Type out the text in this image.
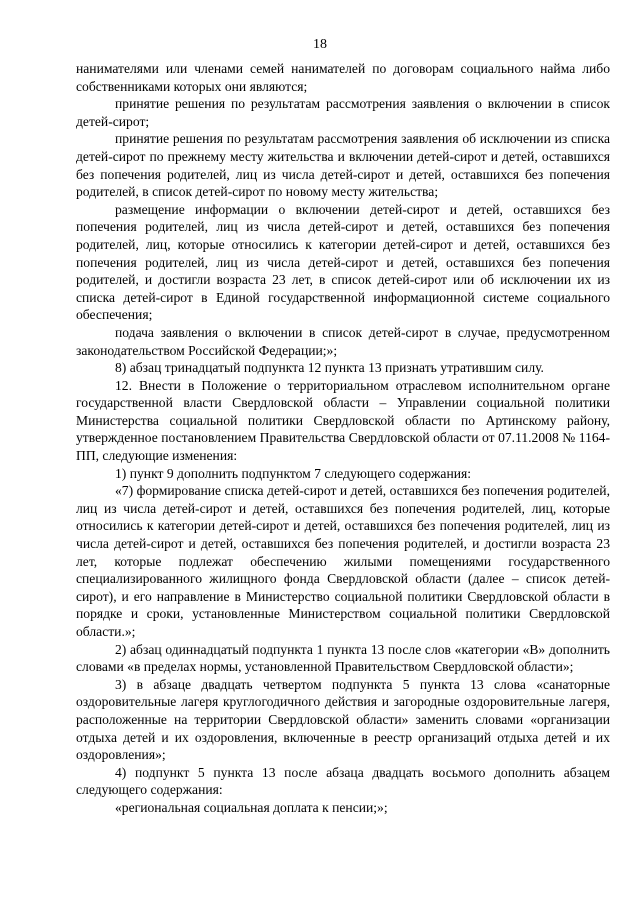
18

нанимателями или членами семей нанимателей по договорам социального найма либо собственниками которых они являются;

принятие решения по результатам рассмотрения заявления о включении в список детей-сирот;

принятие решения по результатам рассмотрения заявления об исключении из списка детей-сирот по прежнему месту жительства и включении детей-сирот и детей, оставшихся без попечения родителей, лиц из числа детей-сирот и детей, оставшихся без попечения родителей, в список детей-сирот по новому месту жительства;

размещение информации о включении детей-сирот и детей, оставшихся без попечения родителей, лиц из числа детей-сирот и детей, оставшихся без попечения родителей, лиц, которые относились к категории детей-сирот и детей, оставшихся без попечения родителей, лиц из числа детей-сирот и детей, оставшихся без попечения родителей, и достигли возраста 23 лет, в список детей-сирот или об исключении их из списка детей-сирот в Единой государственной информационной системе социального обеспечения;

подача заявления о включении в список детей-сирот в случае, предусмотренном законодательством Российской Федерации;»;

8) абзац тринадцатый подпункта 12 пункта 13 признать утратившим силу.

12. Внести в Положение о территориальном отраслевом исполнительном органе государственной власти Свердловской области – Управлении социальной политики Министерства социальной политики Свердловской области по Артинскому району, утвержденное постановлением Правительства Свердловской области от 07.11.2008 № 1164-ПП, следующие изменения:

1) пункт 9 дополнить подпунктом 7 следующего содержания:

«7) формирование списка детей-сирот и детей, оставшихся без попечения родителей, лиц из числа детей-сирот и детей, оставшихся без попечения родителей, лиц, которые относились к категории детей-сирот и детей, оставшихся без попечения родителей, лиц из числа детей-сирот и детей, оставшихся без попечения родителей, и достигли возраста 23 лет, которые подлежат обеспечению жилыми помещениями государственного специализированного жилищного фонда Свердловской области (далее – список детей-сирот), и его направление в Министерство социальной политики Свердловской области в порядке и сроки, установленные Министерством социальной политики Свердловской области.»;

2) абзац одиннадцатый подпункта 1 пункта 13 после слов «категории «В» дополнить словами «в пределах нормы, установленной Правительством Свердловской области»;

3) в абзаце двадцать четвертом подпункта 5 пункта 13 слова «санаторные оздоровительные лагеря круглогодичного действия и загородные оздоровительные лагеря, расположенные на территории Свердловской области» заменить словами «организации отдыха детей и их оздоровления, включенные в реестр организаций отдыха детей и их оздоровления»;

4) подпункт 5 пункта 13 после абзаца двадцать восьмого дополнить абзацем следующего содержания:

«региональная социальная доплата к пенсии;»;
